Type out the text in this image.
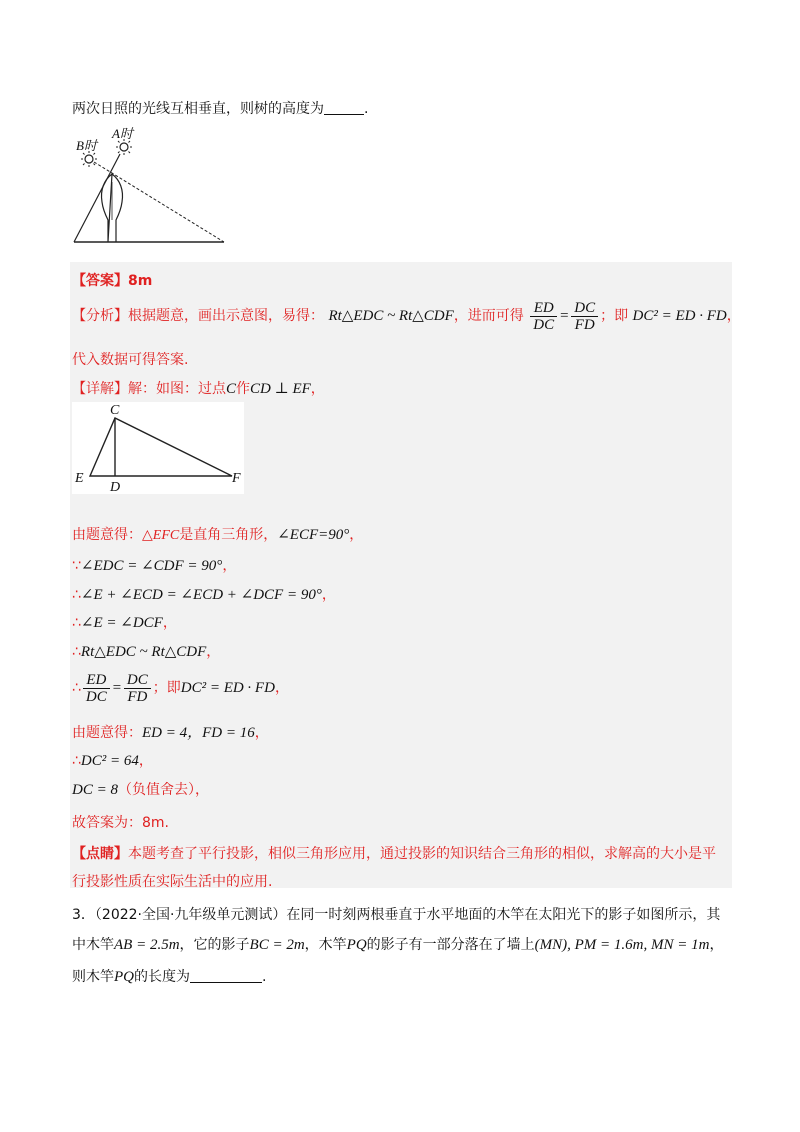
两次日照的光线互相垂直，则树的高度为	.
B时
A时
【答案】8m
【分析】根据题意，画出示意图，易得： Rt△EDC ~ Rt△CDF，进而可得 $\frac{ED}{DC} = \frac{DC}{FD}$ ；即 DC² = ED · FD，
代入数据可得答案.
【详解】解：如图：过点C作CD ⊥ EF，
C
E
D
F
由题意得：△EFC是直角三角形，∠ECF=90°，
∵∠EDC = ∠CDF = 90°，
∴∠E + ∠ECD = ∠ECD + ∠DCF = 90°，
∴∠E = ∠DCF，
∴Rt△EDC ~ Rt△CDF，
∴ $\frac{ED}{DC} = \frac{DC}{FD}$ ；即DC² = ED · FD，
由题意得：ED = 4，FD = 16，
∴DC² = 64，
DC = 8（负值舍去），
故答案为：8m.
【点睛】本题考查了平行投影，相似三角形应用，通过投影的知识结合三角形的相似，求解高的大小是平
行投影性质在实际生活中的应用.
3．（2022·全国·九年级单元测试）在同一时刻两根垂直于水平地面的木竿在太阳光下的影子如图所示，其
中木竿AB = 2.5m，它的影子BC = 2m，木竿PQ的影子有一部分落在了墙上(MN), PM = 1.6m, MN = 1m，
则木竿PQ的长度为	.
